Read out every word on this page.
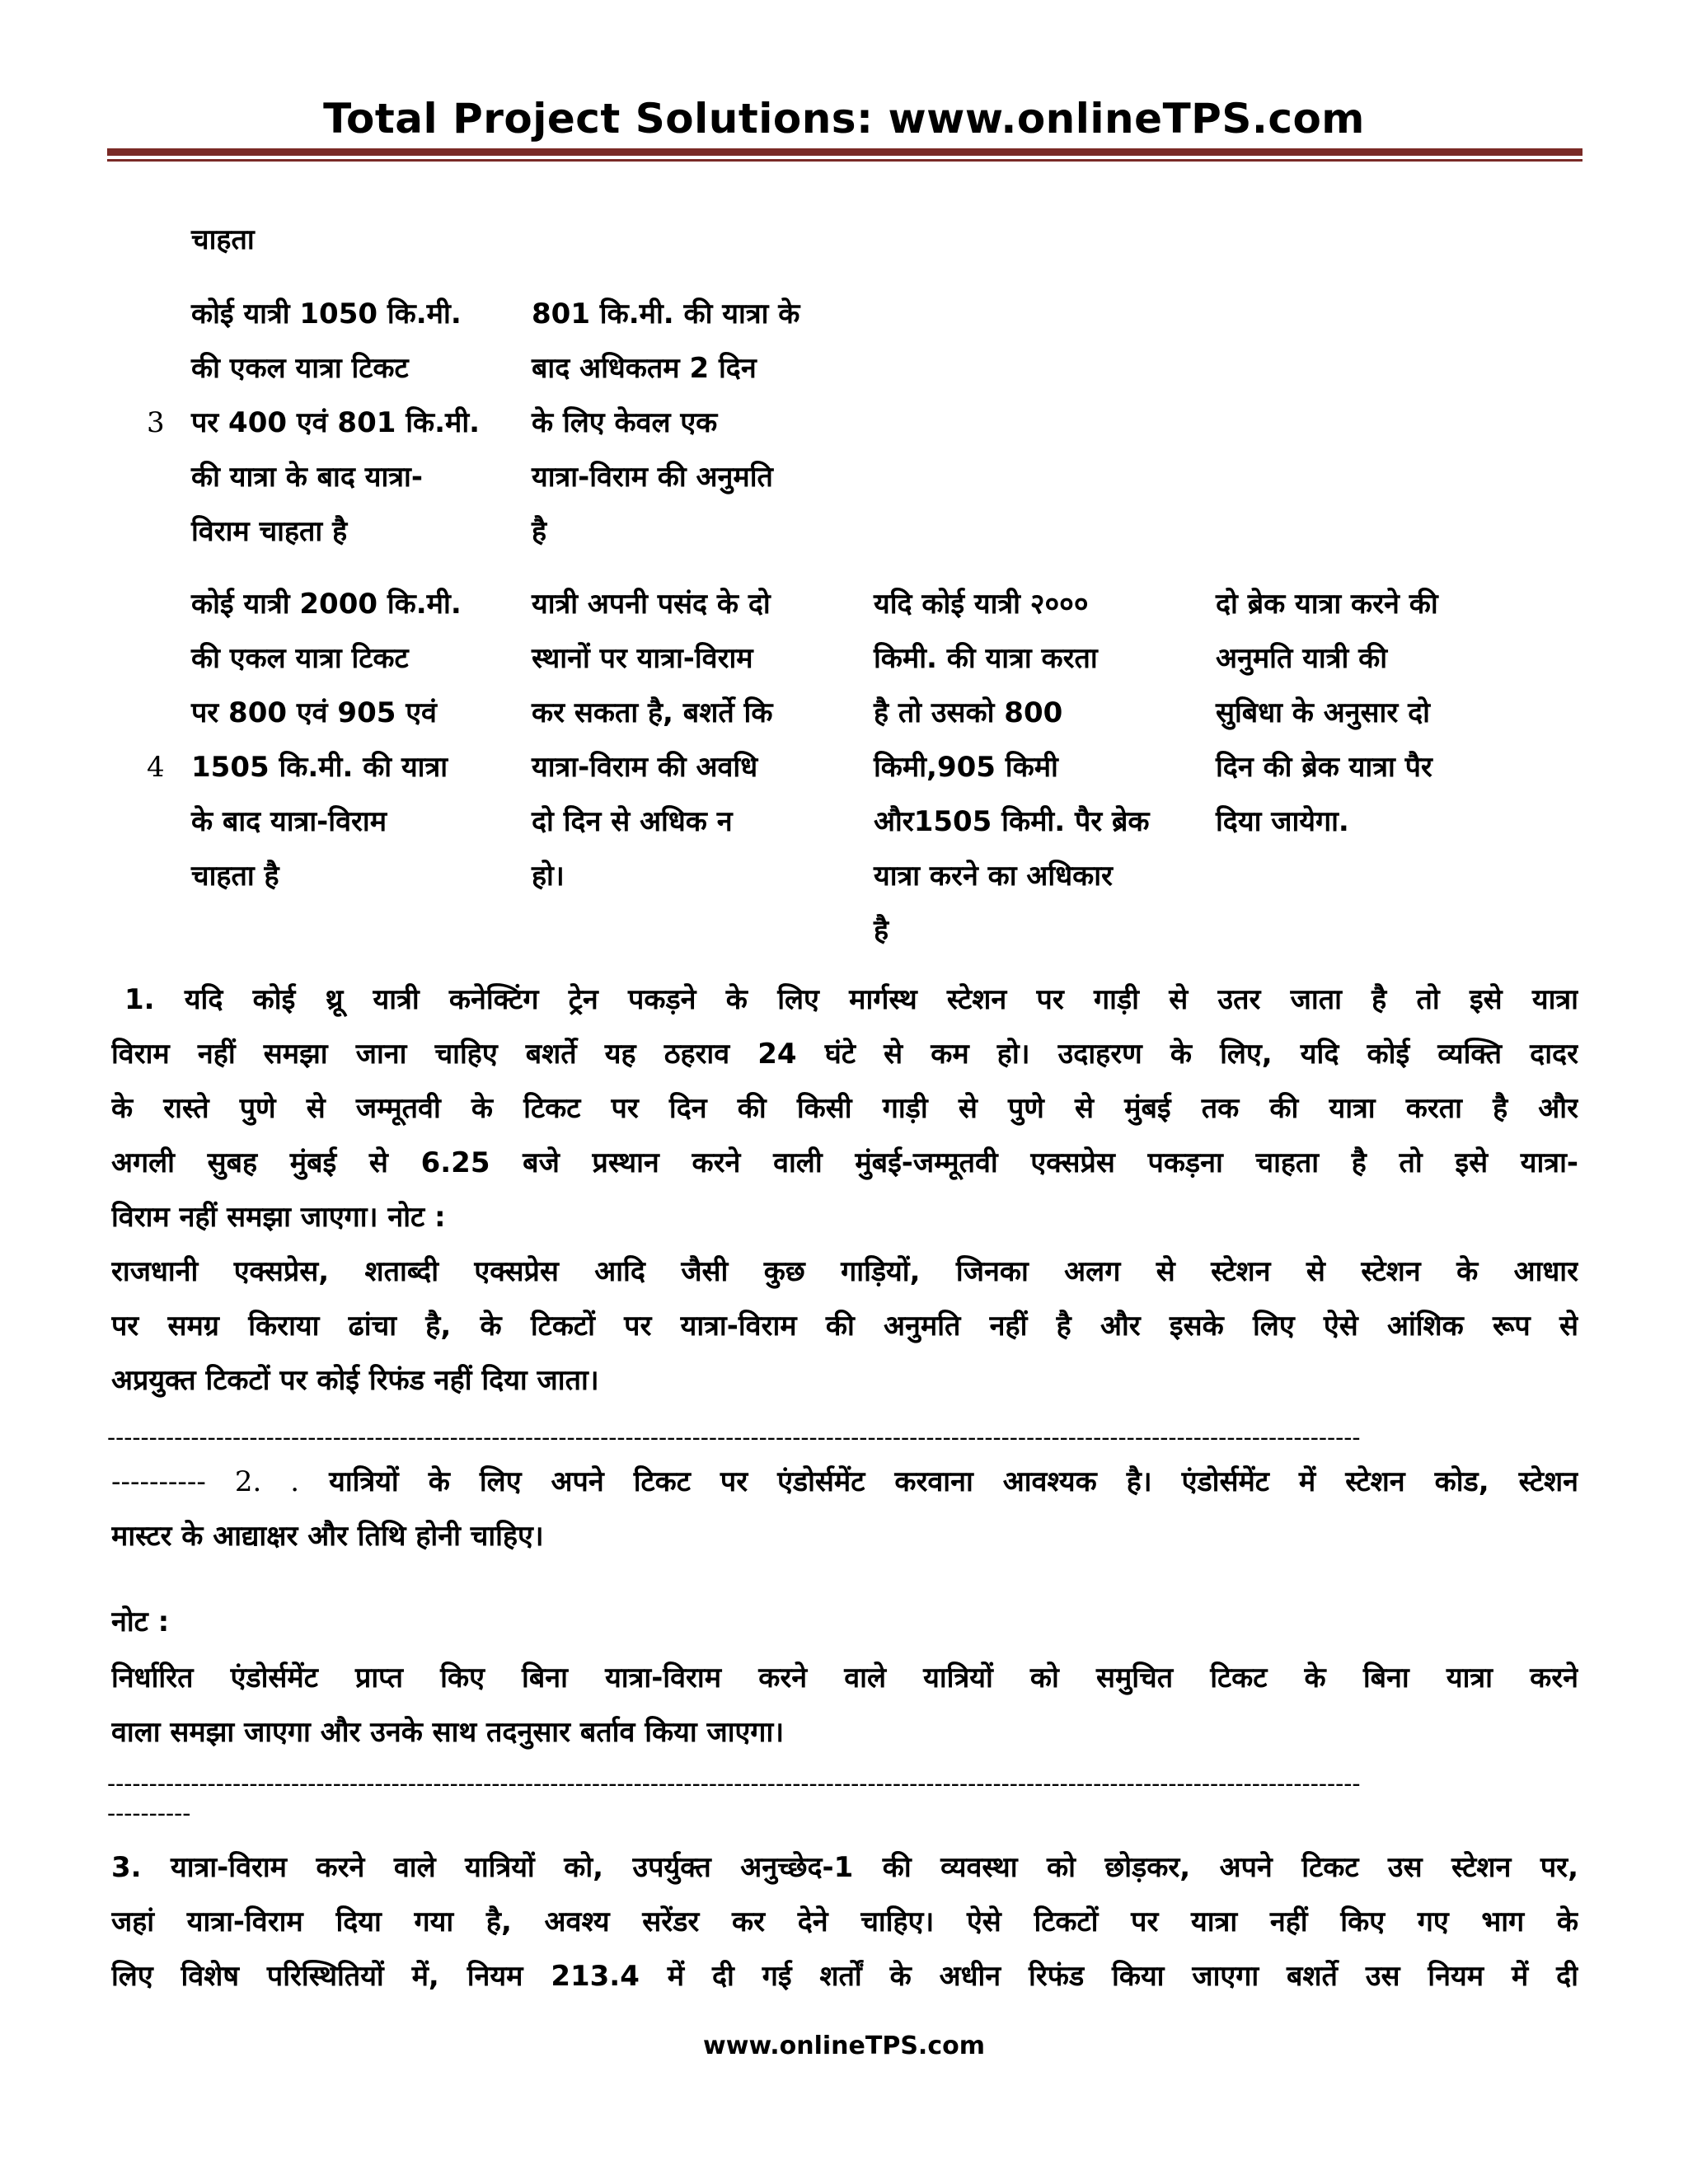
Total Project Solutions: www.onlineTPS.com
चाहता
3
कोई यात्री 1050 कि.मी.
की एकल यात्रा टिकट
पर 400 एवं 801 कि.मी.
की यात्रा के बाद यात्रा-
विराम चाहता है
801 कि.मी. की यात्रा के
बाद अधिकतम 2 दिन
के लिए केवल एक
यात्रा-विराम की अनुमति
है
4
कोई यात्री 2000 कि.मी.
की एकल यात्रा टिकट
पर 800 एवं 905 एवं
1505 कि.मी. की यात्रा
के बाद यात्रा-विराम
चाहता है
यात्री अपनी पसंद के दो
स्थानों पर यात्रा-विराम
कर सकता है, बशर्ते कि
यात्रा-विराम की अवधि
दो दिन से अधिक न
हो।
यदि कोई यात्री २०००
किमी. की यात्रा करता
है तो उसको 800
किमी,905 किमी
और1505 किमी. पैर ब्रेक
यात्रा करने का अधिकार
है
दो ब्रेक यात्रा करने की
अनुमति यात्री की
सुबिधा के अनुसार दो
दिन की ब्रेक यात्रा पैर
दिया जायेगा.
1. यदि कोई थ्रू यात्री कनेक्टिंग ट्रेन पकड़ने के लिए मार्गस्थ स्टेशन पर गाड़ी से उतर जाता है तो इसे यात्रा
विराम नहीं समझा जाना चाहिए बशर्ते यह ठहराव 24 घंटे से कम हो। उदाहरण के लिए, यदि कोई व्यक्ति दादर
के रास्ते पुणे से जम्मूतवी के टिकट पर दिन की किसी गाड़ी से पुणे से मुंबई तक की यात्रा करता है और
अगली सुबह मुंबई से 6.25 बजे प्रस्थान करने वाली मुंबई-जम्मूतवी एक्सप्रेस पकड़ना चाहता है तो इसे यात्रा-
विराम नहीं समझा जाएगा। नोट :
राजधानी एक्सप्रेस, शताब्दी एक्सप्रेस आदि जैसी कुछ गाड़ियों, जिनका अलग से स्टेशन से स्टेशन के आधार
पर समग्र किराया ढांचा है, के टिकटों पर यात्रा-विराम की अनुमति नहीं है और इसके लिए ऐसे आंशिक रूप से
अप्रयुक्त टिकटों पर कोई रिफंड नहीं दिया जाता।
------------------------------------------------------------------------------------------------------------------------------------------------------
---------- 2. . यात्रियों के लिए अपने टिकट पर एंडोर्समेंट करवाना आवश्यक है। एंडोर्समेंट में स्टेशन कोड, स्टेशन
मास्टर के आद्याक्षर और तिथि होनी चाहिए।
नोट :
निर्धारित एंडोर्समेंट प्राप्त किए बिना यात्रा-विराम करने वाले यात्रियों को समुचित टिकट के बिना यात्रा करने
वाला समझा जाएगा और उनके साथ तदनुसार बर्ताव किया जाएगा।
------------------------------------------------------------------------------------------------------------------------------------------------------
----------
3. यात्रा-विराम करने वाले यात्रियों को, उपर्युक्त अनुच्छेद-1 की व्यवस्था को छोड़कर, अपने टिकट उस स्टेशन पर,
जहां यात्रा-विराम दिया गया है, अवश्य सरेंडर कर देने चाहिए। ऐसे टिकटों पर यात्रा नहीं किए गए भाग के
लिए विशेष परिस्थितियों में, नियम 213.4 में दी गई शर्तों के अधीन रिफंड किया जाएगा बशर्ते उस नियम में दी
www.onlineTPS.com
